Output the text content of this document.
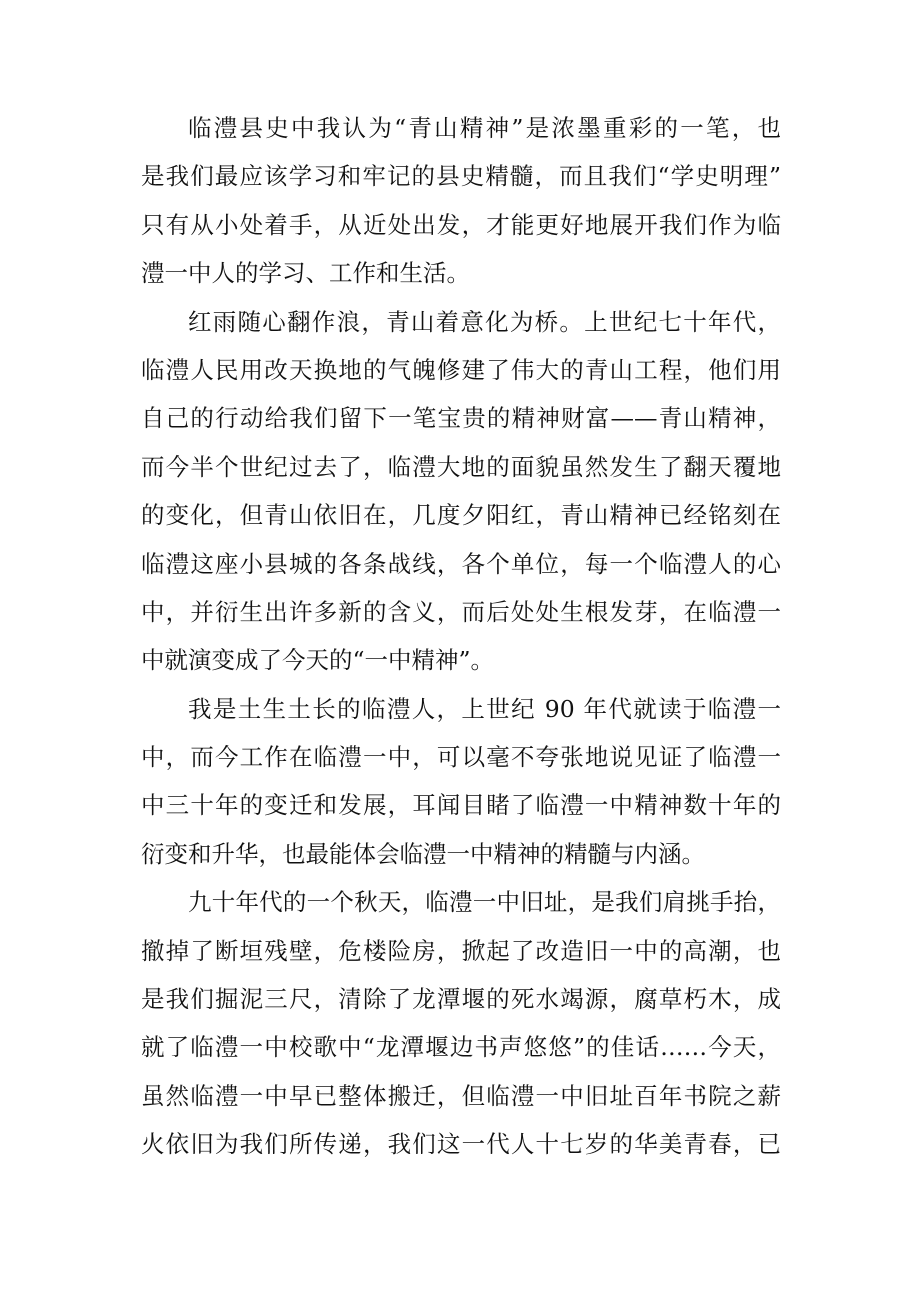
临澧县史中我认为“青山精神”是浓墨重彩的一笔，也
是我们最应该学习和牢记的县史精髓，而且我们“学史明理”
只有从小处着手，从近处出发，才能更好地展开我们作为临
澧一中人的学习、工作和生活。
红雨随心翻作浪，青山着意化为桥。上世纪七十年代，
临澧人民用改天换地的气魄修建了伟大的青山工程，他们用
自己的行动给我们留下一笔宝贵的精神财富——青山精神，
而今半个世纪过去了，临澧大地的面貌虽然发生了翻天覆地
的变化，但青山依旧在，几度夕阳红，青山精神已经铭刻在
临澧这座小县城的各条战线，各个单位，每一个临澧人的心
中，并衍生出许多新的含义，而后处处生根发芽，在临澧一
中就演变成了今天的“一中精神”。
我是土生土长的临澧人，上世纪 90 年代就读于临澧一
中，而今工作在临澧一中，可以毫不夸张地说见证了临澧一
中三十年的变迁和发展，耳闻目睹了临澧一中精神数十年的
衍变和升华，也最能体会临澧一中精神的精髓与内涵。
九十年代的一个秋天，临澧一中旧址，是我们肩挑手抬，
撤掉了断垣残壁，危楼险房，掀起了改造旧一中的高潮，也
是我们掘泥三尺，清除了龙潭堰的死水竭源，腐草朽木，成
就了临澧一中校歌中“龙潭堰边书声悠悠”的佳话……今天，
虽然临澧一中早已整体搬迁，但临澧一中旧址百年书院之薪
火依旧为我们所传递，我们这一代人十七岁的华美青春，已
